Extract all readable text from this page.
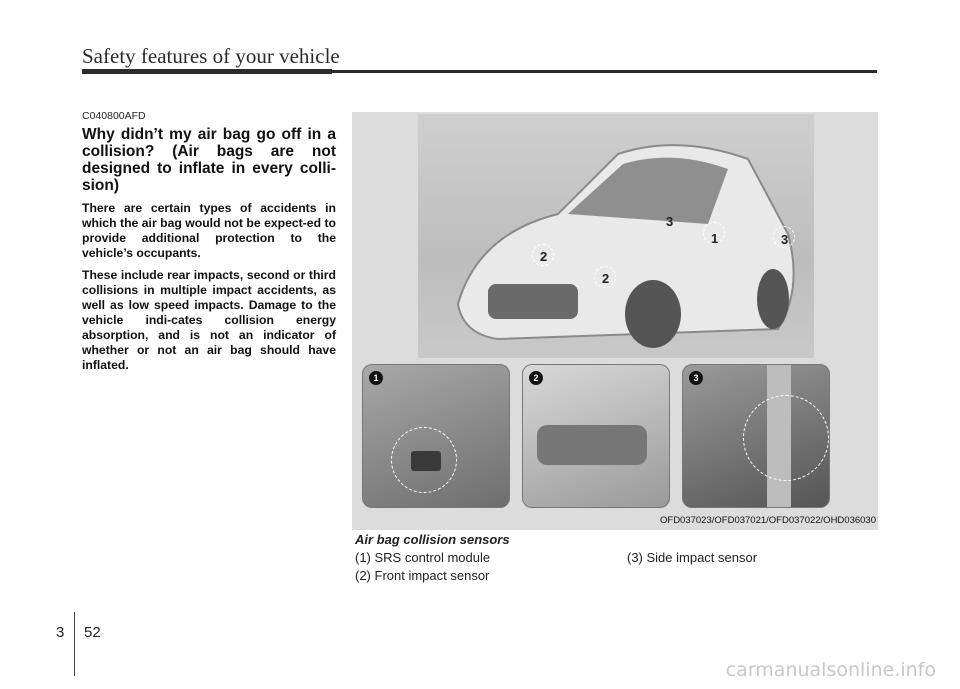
Safety features of your vehicle
C040800AFD
Why didn’t my air bag go off in a collision? (Air bags are not designed to inflate in every colli-sion)
There are certain types of accidents in which the air bag would not be expect-ed to provide additional protection to the vehicle’s occupants.
These include rear impacts, second or third collisions in multiple impact accidents, as well as low speed impacts. Damage to the vehicle indi-cates collision energy absorption, and is not an indicator of whether or not an air bag should have inflated.
2
2
3
1	3
1	2	3
OFD037023/OFD037021/OFD037022/OHD036030
Air bag collision sensors
(1) SRS control module
(2) Front impact sensor
(3) Side impact sensor
3 52
carmanualsonline.info
